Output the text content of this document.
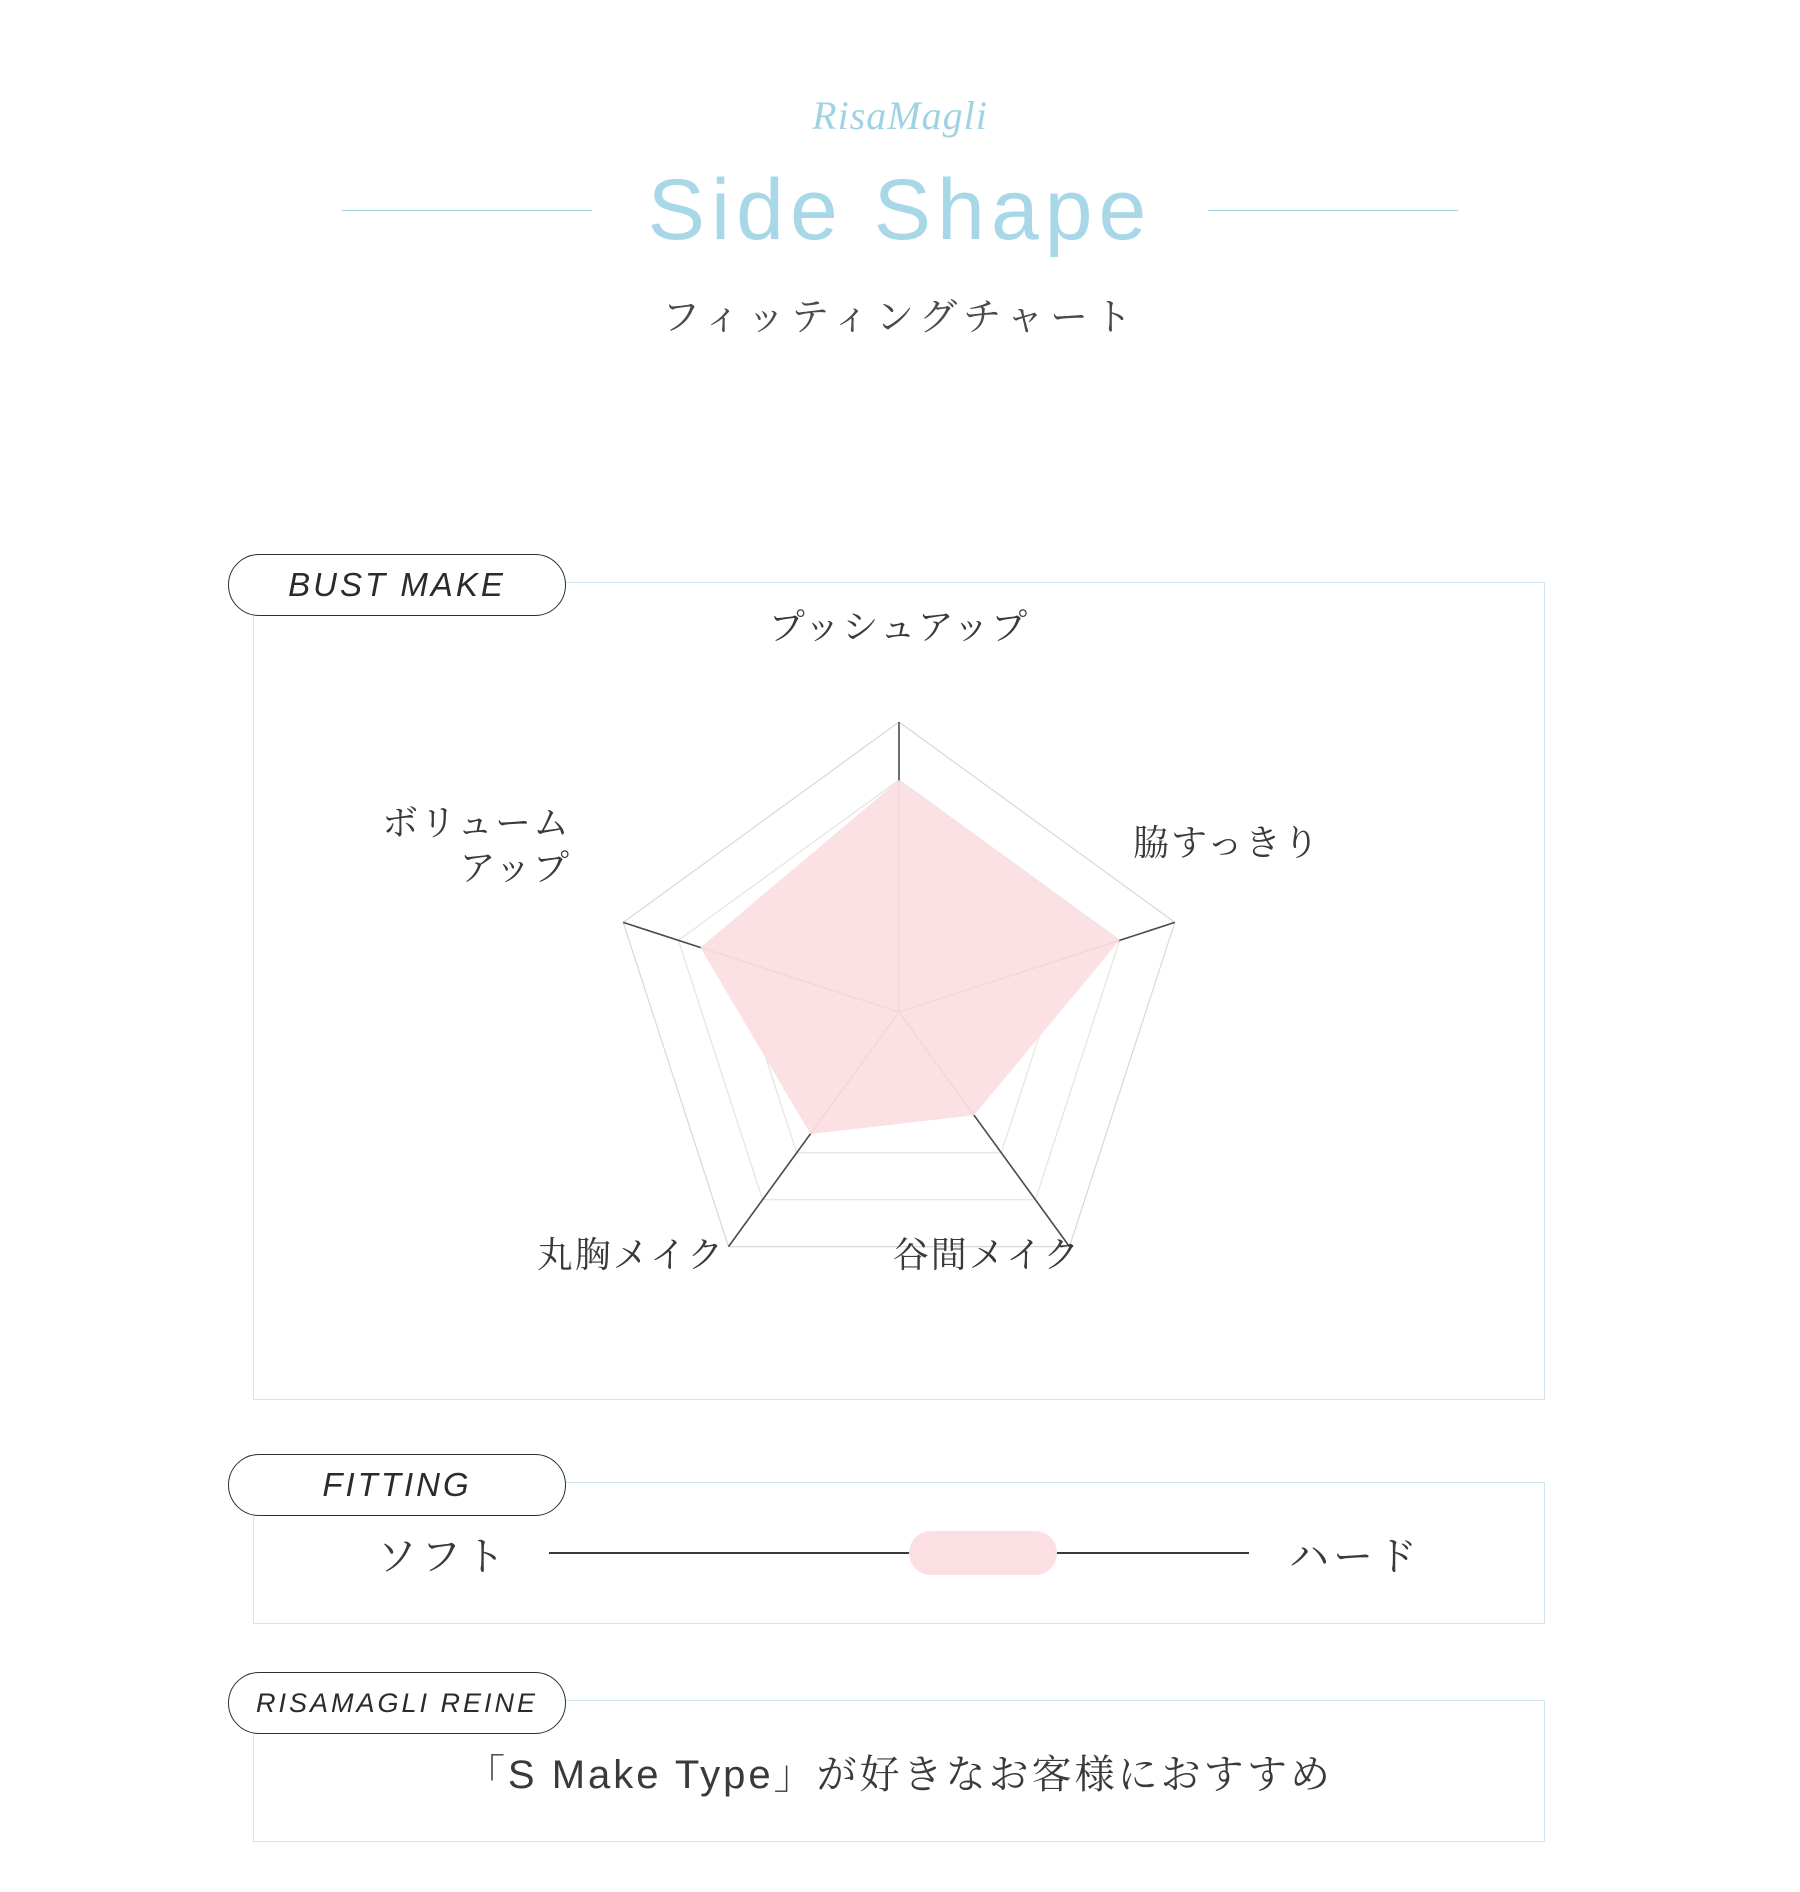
RisaMagli
Side Shape
フィッティングチャート
BUST MAKE
プッシュアップ
脇すっきり
ボリューム
アップ
丸胸メイク	谷間メイク
FITTING
ソフト	ハード
RISAMAGLI REINE
「S Make Type」が好きなお客様におすすめ
